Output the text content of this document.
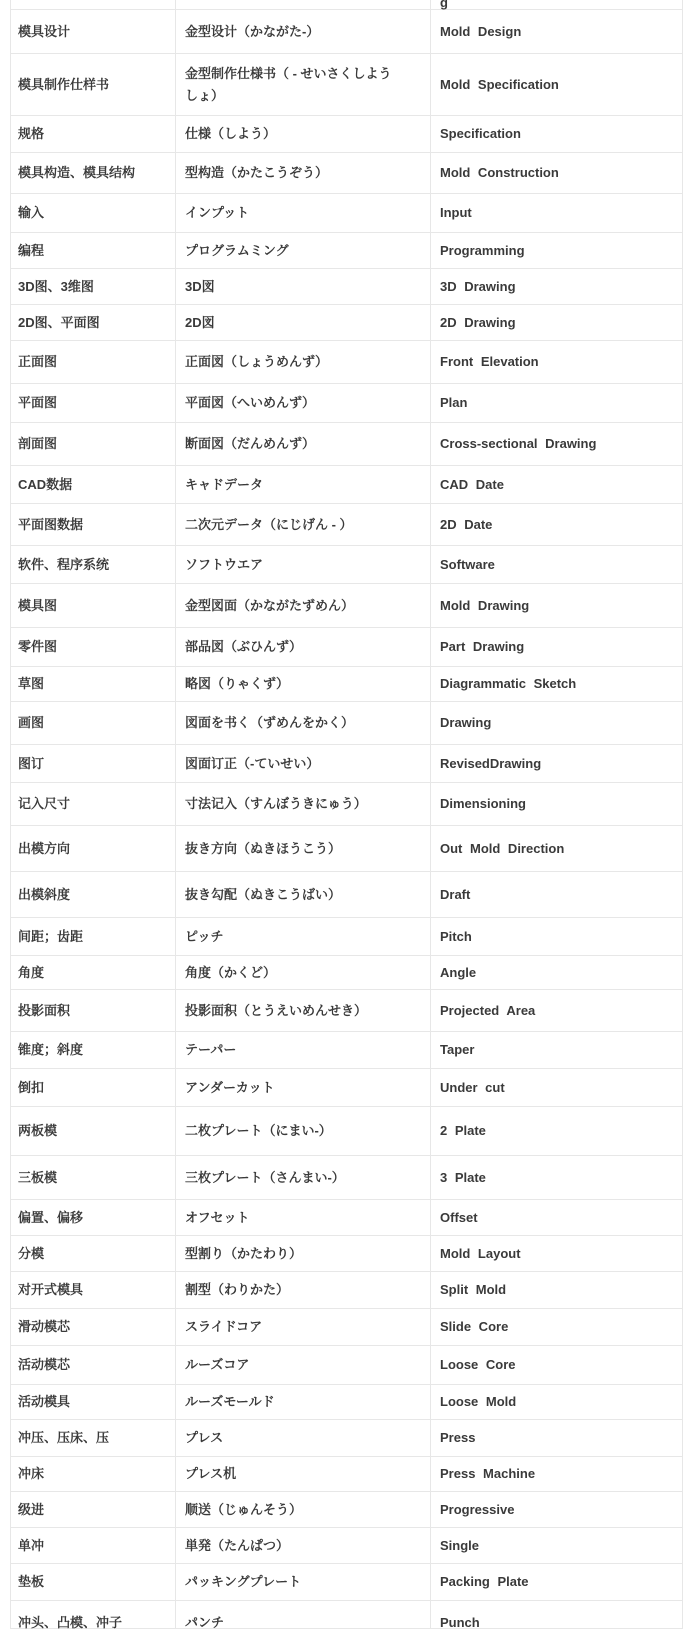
		g

模具设计	金型设计（かながた-）	Mold Design
模具制作仕样书	金型制作仕様书（ - せいさくしようしょ）	Mold Specification
规格	仕様（しよう）	Specification
模具构造、模具结构	型构造（かたこうぞう）	Mold Construction
输入	インプット	Input
编程	プログラムミング	Programming
3D图、3维图	3D図	3D Drawing
2D图、平面图	2D図	2D Drawing
正面图	正面図（しょうめんず）	Front Elevation
平面图	平面図（へいめんず）	Plan
剖面图	断面図（だんめんず）	Cross-sectional Drawing
CAD数据	キャドデータ	CAD Date
平面图数据	二次元データ（にじげん - ）	2D Date
软件、程序系统	ソフトウエア	Software
模具图	金型図面（かながたずめん）	Mold Drawing
零件图	部品図（ぶひんず）	Part Drawing
草图	略図（りゃくず）	Diagrammatic Sketch
画图	図面を书く（ずめんをかく）	Drawing
图订	図面订正（-ていせい）	RevisedDrawing
记入尺寸	寸法记入（すんぼうきにゅう）	Dimensioning
出模方向	抜き方向（ぬきほうこう）	Out Mold Direction
出模斜度	抜き勾配（ぬきこうばい）	Draft
间距；齿距	ピッチ	Pitch
角度	角度（かくど）	Angle
投影面积	投影面积（とうえいめんせき）	Projected Area
锥度；斜度	テーパー	Taper
倒扣	アンダーカット	Under cut
两板模	二枚プレート（にまい-）	2 Plate
三板模	三枚プレート（さんまい-）	3 Plate
偏置、偏移	オフセット	Offset
分模	型割り（かたわり）	Mold Layout
对开式模具	割型（わりかた）	Split Mold
滑动模芯	スライドコア	Slide Core
活动模芯	ルーズコア	Loose Core
活动模具	ルーズモールド	Loose Mold
冲压、压床、压	プレス	Press
冲床	プレス机	Press Machine
级进	顺送（じゅんそう）	Progressive
单冲	単発（たんぱつ）	Single
垫板	パッキングプレート	Packing Plate

冲头、凸模、冲子	パンチ	Punch
